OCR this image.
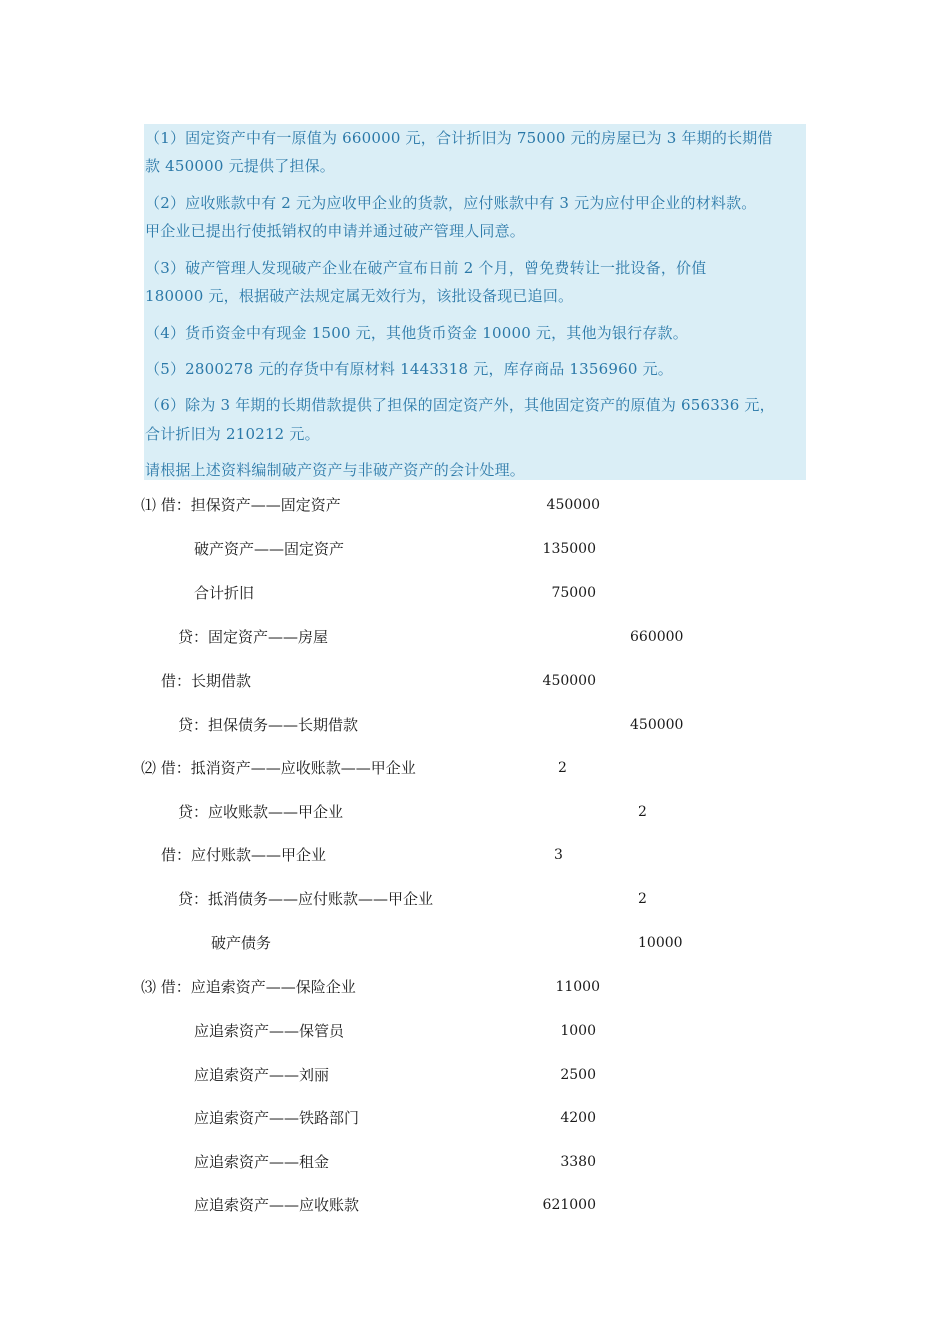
（1）固定资产中有一原值为 660000 元，合计折旧为 75000 元的房屋已为 3 年期的长期借
款 450000 元提供了担保。
（2）应收账款中有 2 元为应收甲企业的货款，应付账款中有 3 元为应付甲企业的材料款。
甲企业已提出行使抵销权的申请并通过破产管理人同意。
（3）破产管理人发现破产企业在破产宣布日前 2 个月，曾免费转让一批设备，价值
180000 元，根据破产法规定属无效行为，该批设备现已追回。
（4）货币资金中有现金 1500 元，其他货币资金 10000 元，其他为银行存款。
（5）2800278 元的存货中有原材料 1443318 元，库存商品 1356960 元。
（6）除为 3 年期的长期借款提供了担保的固定资产外，其他固定资产的原值为 656336 元，
合计折旧为 210212 元。
请根据上述资料编制破产资产与非破产资产的会计处理。
⑴ 借：担保资产——固定资产	450000
破产资产——固定资产	135000
合计折旧	75000
贷：固定资产——房屋	660000
借：长期借款	450000
贷：担保债务——长期借款	450000
⑵ 借：抵消资产——应收账款——甲企业	2
贷：应收账款——甲企业	2
借：应付账款——甲企业	3
贷：抵消债务——应付账款——甲企业	2
破产债务	10000
⑶ 借：应追索资产——保险企业	11000
应追索资产——保管员	1000
应追索资产——刘丽	2500
应追索资产——铁路部门	4200
应追索资产——租金	3380
应追索资产——应收账款	621000
